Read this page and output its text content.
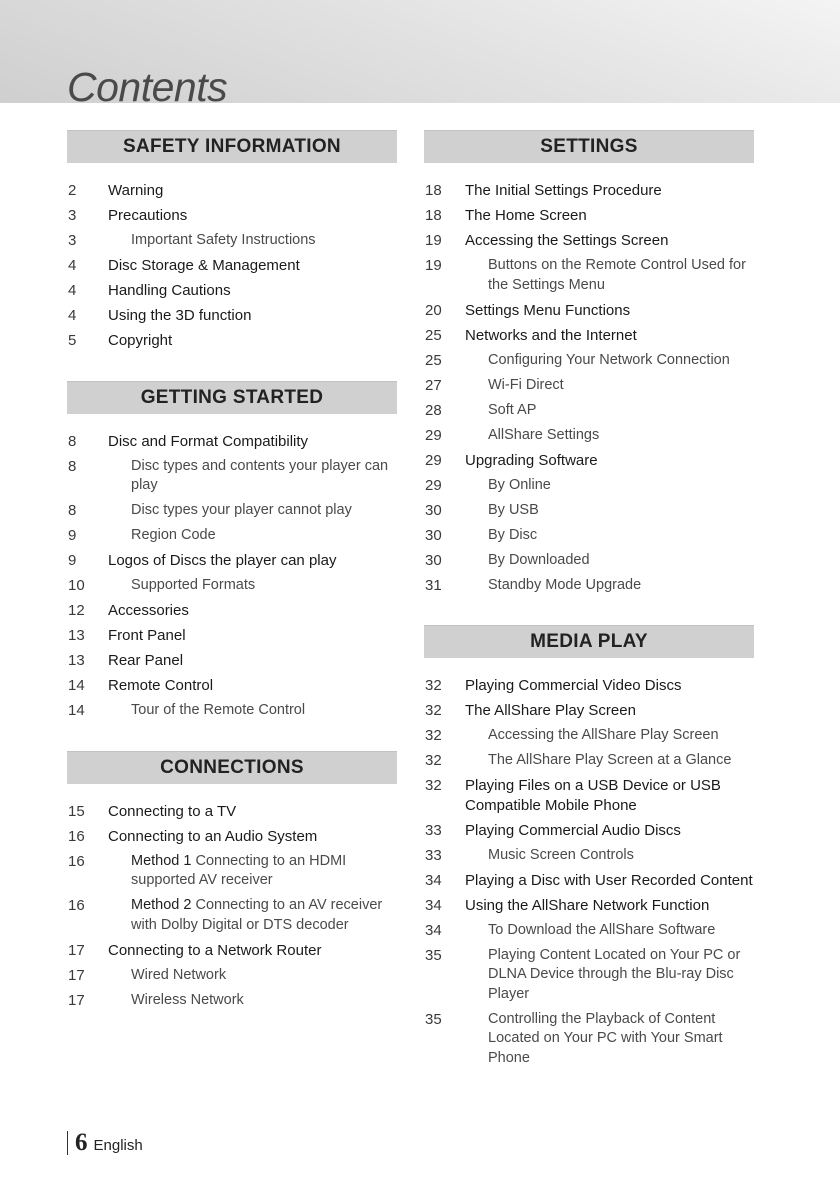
Contents
SAFETY INFORMATION
2	Warning
3	Precautions
3	Important Safety Instructions
4	Disc Storage & Management
4	Handling Cautions
4	Using the 3D function
5	Copyright
GETTING STARTED
8	Disc and Format Compatibility
8	Disc types and contents your player can play
8	Disc types your player cannot play
9	Region Code
9	Logos of Discs the player can play
10	Supported Formats
12	Accessories
13	Front Panel
13	Rear Panel
14	Remote Control
14	Tour of the Remote Control
CONNECTIONS
15	Connecting to a TV
16	Connecting to an Audio System
16	Method 1 Connecting to an HDMI supported AV receiver
16	Method 2 Connecting to an AV receiver with Dolby Digital or DTS decoder
17	Connecting to a Network Router
17	Wired Network
17	Wireless Network
SETTINGS
18	The Initial Settings Procedure
18	The Home Screen
19	Accessing the Settings Screen
19	Buttons on the Remote Control Used for the Settings Menu
20	Settings Menu Functions
25	Networks and the Internet
25	Configuring Your Network Connection
27	Wi-Fi Direct
28	Soft AP
29	AllShare Settings
29	Upgrading Software
29	By Online
30	By USB
30	By Disc
30	By Downloaded
31	Standby Mode Upgrade
MEDIA PLAY
32	Playing Commercial Video Discs
32	The AllShare Play Screen
32	Accessing the AllShare Play Screen
32	The AllShare Play Screen at a Glance
32	Playing Files on a USB Device or USB Compatible Mobile Phone
33	Playing Commercial Audio Discs
33	Music Screen Controls
34	Playing a Disc with User Recorded Content
34	Using the AllShare Network Function
34	To Download the AllShare Software
35	Playing Content Located on Your PC or DLNA Device through the Blu-ray Disc Player
35	Controlling the Playback of Content Located on Your PC with Your Smart Phone
6 English
